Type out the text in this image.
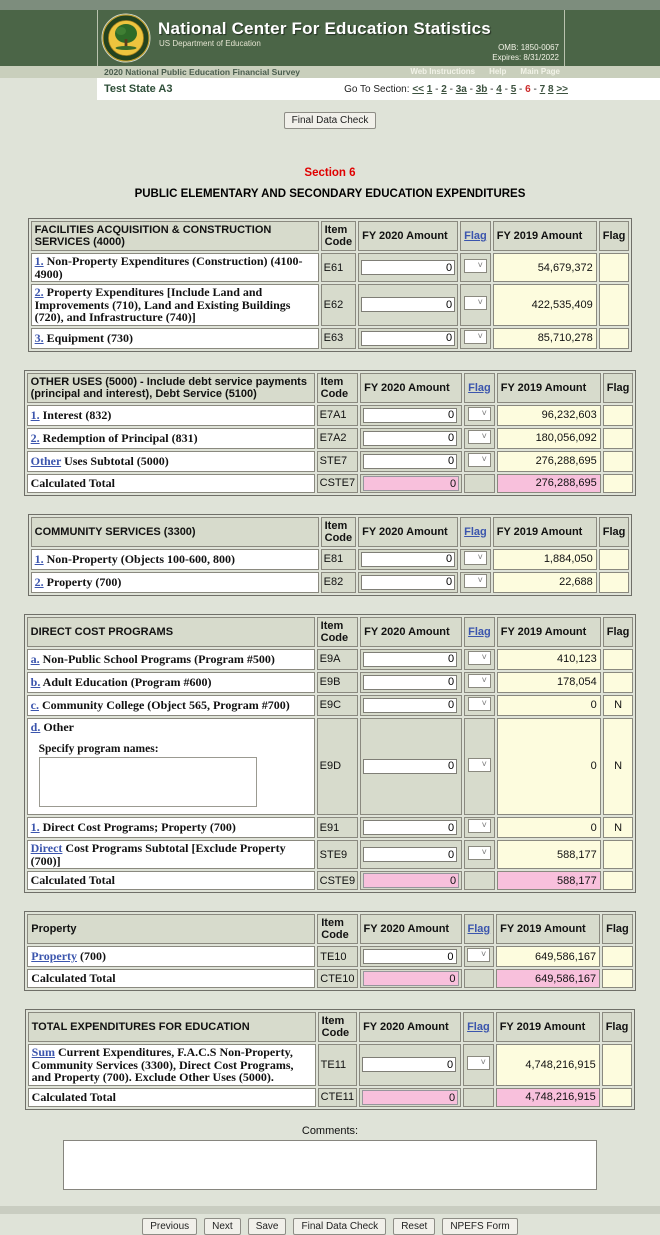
National Center For Education Statistics
US Department of Education	OMB: 1850-0067
Expires: 8/31/2022
2020 National Public Education Financial Survey	Web Instructions Help Main Page
Test State A3	Go To Section: << 1 - 2 - 3a - 3b - 4 - 5 - 6 - 7 8 >>
Final Data Check
Section 6
PUBLIC ELEMENTARY AND SECONDARY EDUCATION EXPENDITURES
FACILITIES ACQUISITION & CONSTRUCTION SERVICES (4000)	Item Code	FY 2020 Amount	Flag	FY 2019 Amount	Flag
1. Non-Property Expenditures (Construction) (4100-4900)	E61	0	˅	54,679,372	
2. Property Expenditures [Include Land and Improvements (710), Land and Existing Buildings (720), and Infrastructure (740)]	E62	0	˅	422,535,409	
3. Equipment (730)	E63	0	˅	85,710,278	
OTHER USES (5000) - Include debt service payments (principal and interest), Debt Service (5100)	Item Code	FY 2020 Amount	Flag	FY 2019 Amount	Flag
1. Interest (832)	E7A1	0	˅	96,232,603	
2. Redemption of Principal (831)	E7A2	0	˅	180,056,092	
Other Uses Subtotal (5000)	STE7	0	˅	276,288,695	
Calculated Total	CSTE7	0		276,288,695	
COMMUNITY SERVICES (3300)	Item Code	FY 2020 Amount	Flag	FY 2019 Amount	Flag
1. Non-Property (Objects 100-600, 800)	E81	0	˅	1,884,050	
2. Property (700)	E82	0	˅	22,688	
DIRECT COST PROGRAMS	Item Code	FY 2020 Amount	Flag	FY 2019 Amount	Flag
a. Non-Public School Programs (Program #500)	E9A	0	˅	410,123	
b. Adult Education (Program #600)	E9B	0	˅	178,054	
c. Community College (Object 565, Program #700)	E9C	0	˅	0	N
d. Other
Specify program names:	E9D	0	˅	0	N
1. Direct Cost Programs; Property (700)	E91	0	˅	0	N
Direct Cost Programs Subtotal [Exclude Property (700)]	STE9	0	˅	588,177	
Calculated Total	CSTE9	0		588,177	
Property	Item Code	FY 2020 Amount	Flag	FY 2019 Amount	Flag
Property (700)	TE10	0	˅	649,586,167	
Calculated Total	CTE10	0		649,586,167	
TOTAL EXPENDITURES FOR EDUCATION	Item Code	FY 2020 Amount	Flag	FY 2019 Amount	Flag
Sum Current Expenditures, F.A.C.S Non-Property, Community Services (3300), Direct Cost Programs, and Property (700). Exclude Other Uses (5000).	TE11	0	˅	4,748,216,915	
Calculated Total	CTE11	0		4,748,216,915	
Comments:
Previous	Next	Save	Final Data Check	Reset	NPEFS Form
